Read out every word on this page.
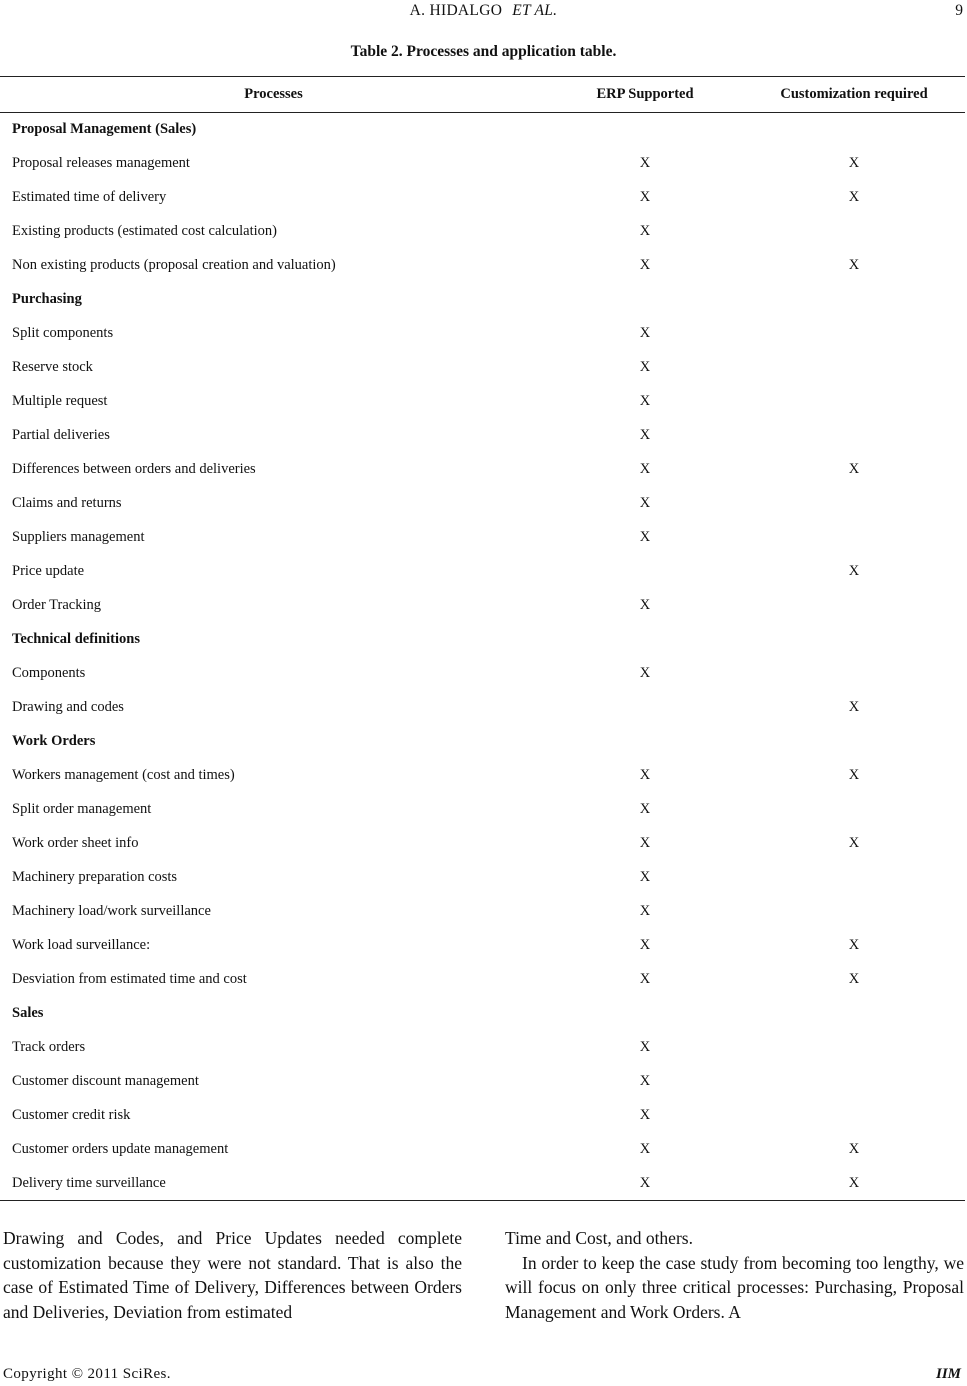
A. HIDALGO ET AL.	9
Table 2. Processes and application table.
Processes	ERP Supported	Customization required
Proposal Management (Sales)		
Proposal releases management	X	X
Estimated time of delivery	X	X
Existing products (estimated cost calculation)	X	
Non existing products (proposal creation and valuation)	X	X
Purchasing		
Split components	X	
Reserve stock	X	
Multiple request	X	
Partial deliveries	X	
Differences between orders and deliveries	X	X
Claims and returns	X	
Suppliers management	X	
Price update		X
Order Tracking	X	
Technical definitions		
Components	X	
Drawing and codes		X
Work Orders		
Workers management (cost and times)	X	X
Split order management	X	
Work order sheet info	X	X
Machinery preparation costs	X	
Machinery load/work surveillance	X	
Work load surveillance:	X	X
Desviation from estimated time and cost	X	X
Sales		
Track orders	X	
Customer discount management	X	
Customer credit risk	X	
Customer orders update management	X	X
Delivery time surveillance	X	X

Drawing and Codes, and Price Updates needed complete customization because they were not standard. That is also the case of Estimated Time of Delivery, Differences between Orders and Deliveries, Deviation from estimated

Time and Cost, and others.

In order to keep the case study from becoming too lengthy, we will focus on only three critical processes: Purchasing, Proposal Management and Work Orders. A

Copyright © 2011 SciRes.	IIM
